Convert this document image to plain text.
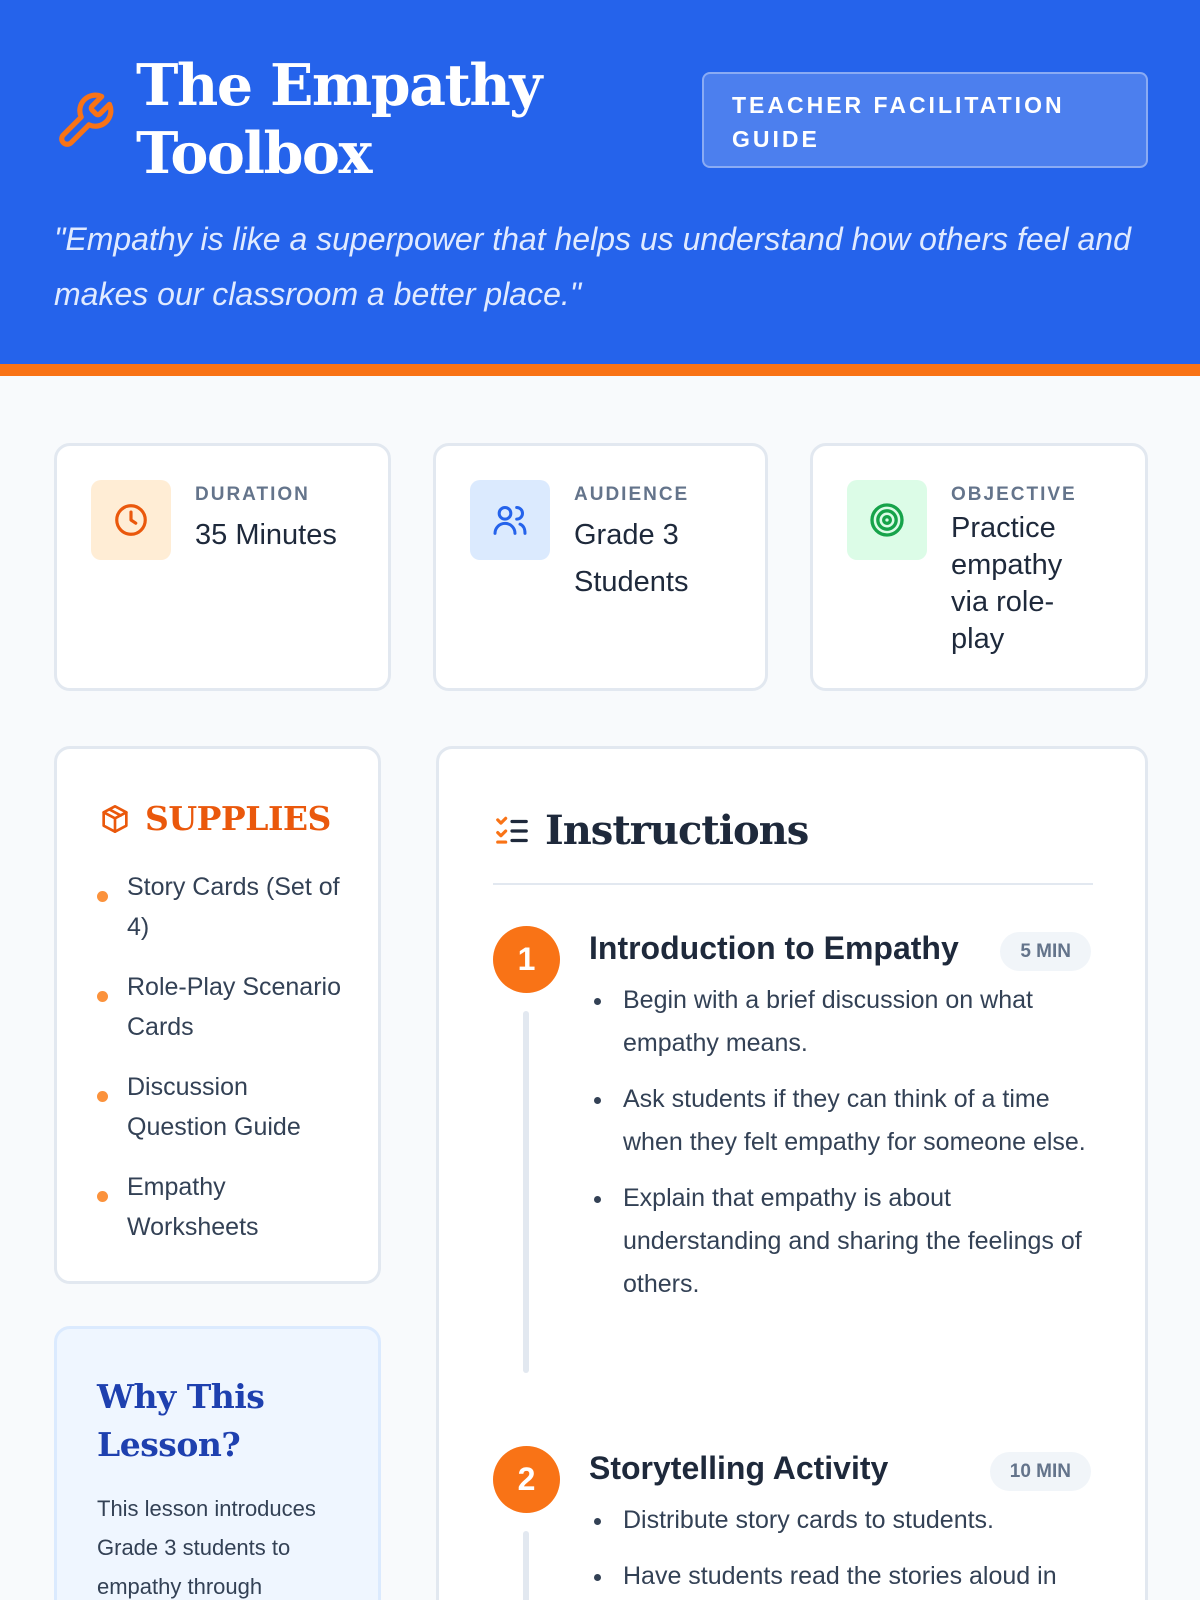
The Empathy Toolbox
TEACHER FACILITATION GUIDE

"Empathy is like a superpower that helps us understand how others feel and makes our classroom a better place."

DURATION
35 Minutes
AUDIENCE
Grade 3 Students
OBJECTIVE
Practice empathy via role-play
SUPPLIES
Story Cards (Set of 4)
Role-Play Scenario Cards
Discussion Question Guide
Empathy Worksheets
Why This Lesson?

This lesson introduces Grade 3 students to empathy through

Instructions
1	Introduction to Empathy	5 MIN
Begin with a brief discussion on what empathy means.
Ask students if they can think of a time when they felt empathy for someone else.
Explain that empathy is about understanding and sharing the feelings of others.
2	Storytelling Activity	10 MIN
Distribute story cards to students.
Have students read the stories aloud in
